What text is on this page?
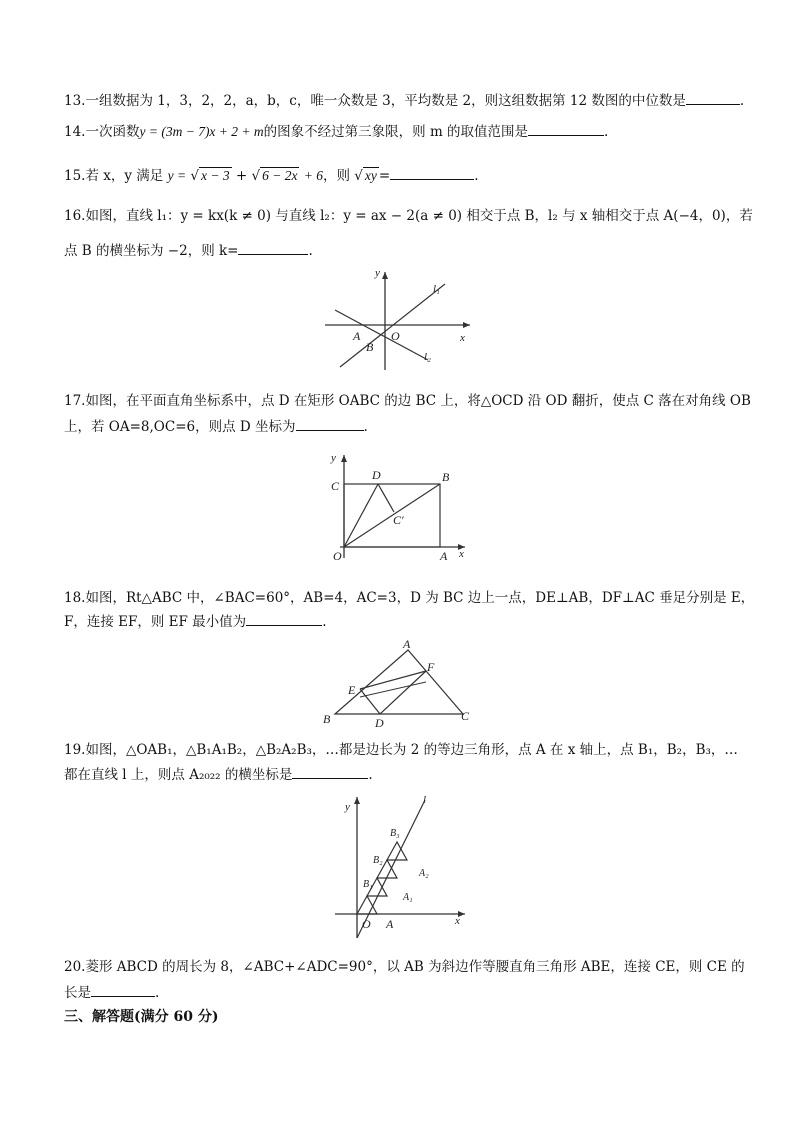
13.一组数据为 1，3，2，2，a，b，c，唯一众数是 3，平均数是 2，则这组数据第 12 数图的中位数是	.
14.一次函数y = (3m − 7)x + 2 + m的图象不经过第三象限，则 m 的取值范围是	.
15.若 x，y 满足 y = √ x − 3 + √ 6 − 2x + 6，则 √ xy =	.
16.如图，直线 l₁：y = kx(k ≠ 0) 与直线 l₂：y = ax − 2(a ≠ 0) 相交于点 B，l₂ 与 x 轴相交于点 A(−4，0)，若
点 B 的横坐标为 −2，则 k=	.
y
x
l₁
l₂
A
B
O
17.如图，在平面直角坐标系中，点 D 在矩形 OABC 的边 BC 上，将△OCD 沿 OD 翻折，使点 C 落在对角线 OB
上，若 OA=8,OC=6，则点 D 坐标为	.
y
x
C
D	B
C′
O	A
18.如图，Rt△ABC 中，∠BAC=60°，AB=4，AC=3，D 为 BC 边上一点，DE⊥AB，DF⊥AC 垂足分别是 E，
F，连接 EF，则 EF 最小值为	.
A
F
E
B	D	C
19.如图，△OAB₁，△B₁A₁B₂，△B₂A₂B₃，…都是边长为 2 的等边三角形，点 A 在 x 轴上，点 B₁，B₂，B₃，…
都在直线 l 上，则点 A₂₀₂₂ 的横坐标是	.
y
l
B₃
B₂
A₂
B₁
A₁
O A	x
20.菱形 ABCD 的周长为 8，∠ABC+∠ADC=90°，以 AB 为斜边作等腰直角三角形 ABE，连接 CE，则 CE 的
长是	.
三、解答题(满分 60 分)
